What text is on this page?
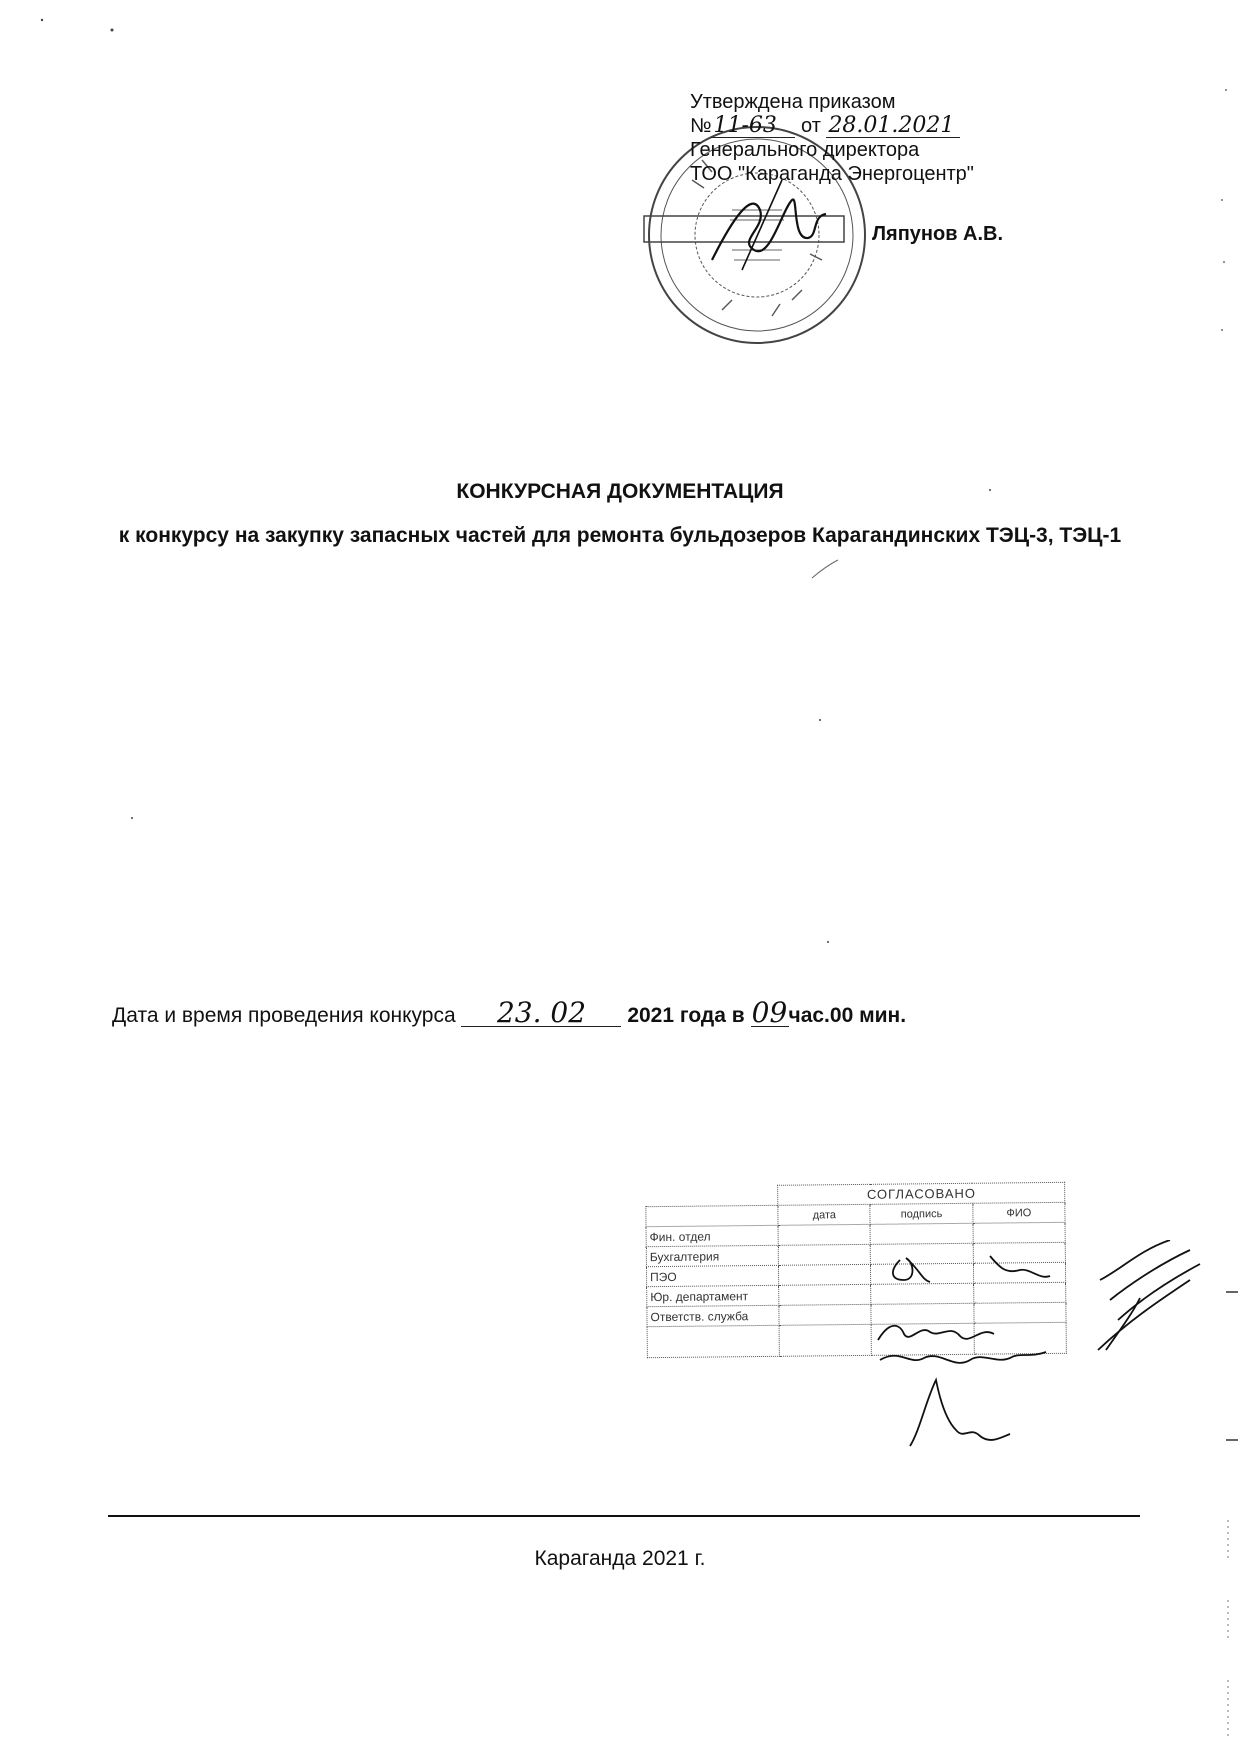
Утверждена приказом
№11-63 от 28.01.2021
Генерального директора
ТОО "Караганда Энергоцентр"
Ляпунов А.В.
КОНКУРСНАЯ ДОКУМЕНТАЦИЯ
к конкурсу на закупку запасных частей для ремонта бульдозеров Карагандинских ТЭЦ-3, ТЭЦ-1
Дата и время проведения конкурса 23. 02 2021 года в 09час.00 мин.
	СОГЛАСОВАНО		
	дата	подпись	ФИО
Фин. отдел			
Бухгалтерия			
ПЭО			
Юр. департамент			
Ответств. служба			

Караганда 2021 г.
